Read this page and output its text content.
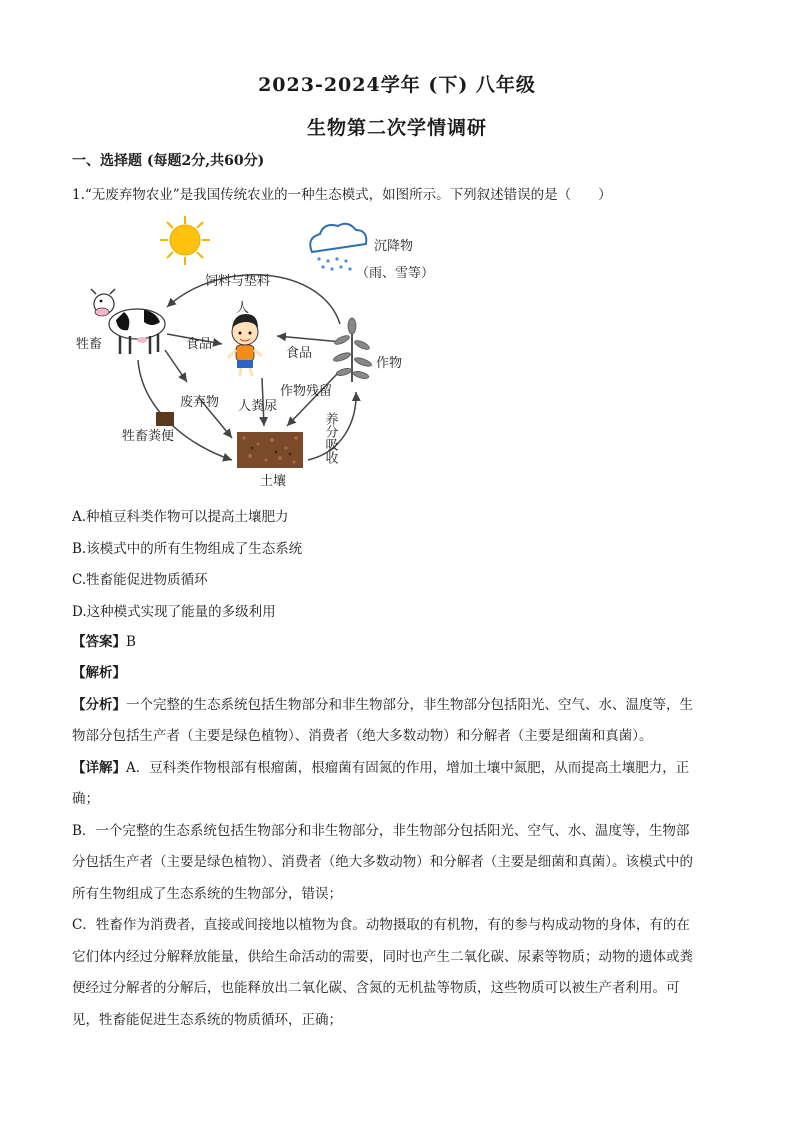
2023-2024学年 (下) 八年级
生物第二次学情调研
一、选择题 (每题2分,共60分)
1.“无废弃物农业”是我国传统农业的一种生态模式，如图所示。下列叙述错误的是（　　）
沉降物
（雨、雪等）
饲料与垫料
牲畜
人
食品
食品
作物
废弃物 人粪尿
作物残留
牲畜粪便	养分吸收
土壤
A.种植豆科类作物可以提高土壤肥力
B.该模式中的所有生物组成了生态系统
C.牲畜能促进物质循环
D.这种模式实现了能量的多级利用
【答案】B
【解析】
【分析】一个完整的生态系统包括生物部分和非生物部分，非生物部分包括阳光、空气、水、温度等，生
物部分包括生产者（主要是绿色植物）、消费者（绝大多数动物）和分解者（主要是细菌和真菌）。
【详解】A．豆科类作物根部有根瘤菌，根瘤菌有固氮的作用，增加土壤中氮肥，从而提高土壤肥力，正
确；
B．一个完整的生态系统包括生物部分和非生物部分，非生物部分包括阳光、空气、水、温度等，生物部
分包括生产者（主要是绿色植物）、消费者（绝大多数动物）和分解者（主要是细菌和真菌）。该模式中的
所有生物组成了生态系统的生物部分，错误；
C．牲畜作为消费者，直接或间接地以植物为食。动物摄取的有机物，有的参与构成动物的身体，有的在
它们体内经过分解释放能量，供给生命活动的需要，同时也产生二氧化碳、尿素等物质；动物的遗体或粪
便经过分解者的分解后，也能释放出二氧化碳、含氮的无机盐等物质，这些物质可以被生产者利用。可
见，牲畜能促进生态系统的物质循环，正确；
